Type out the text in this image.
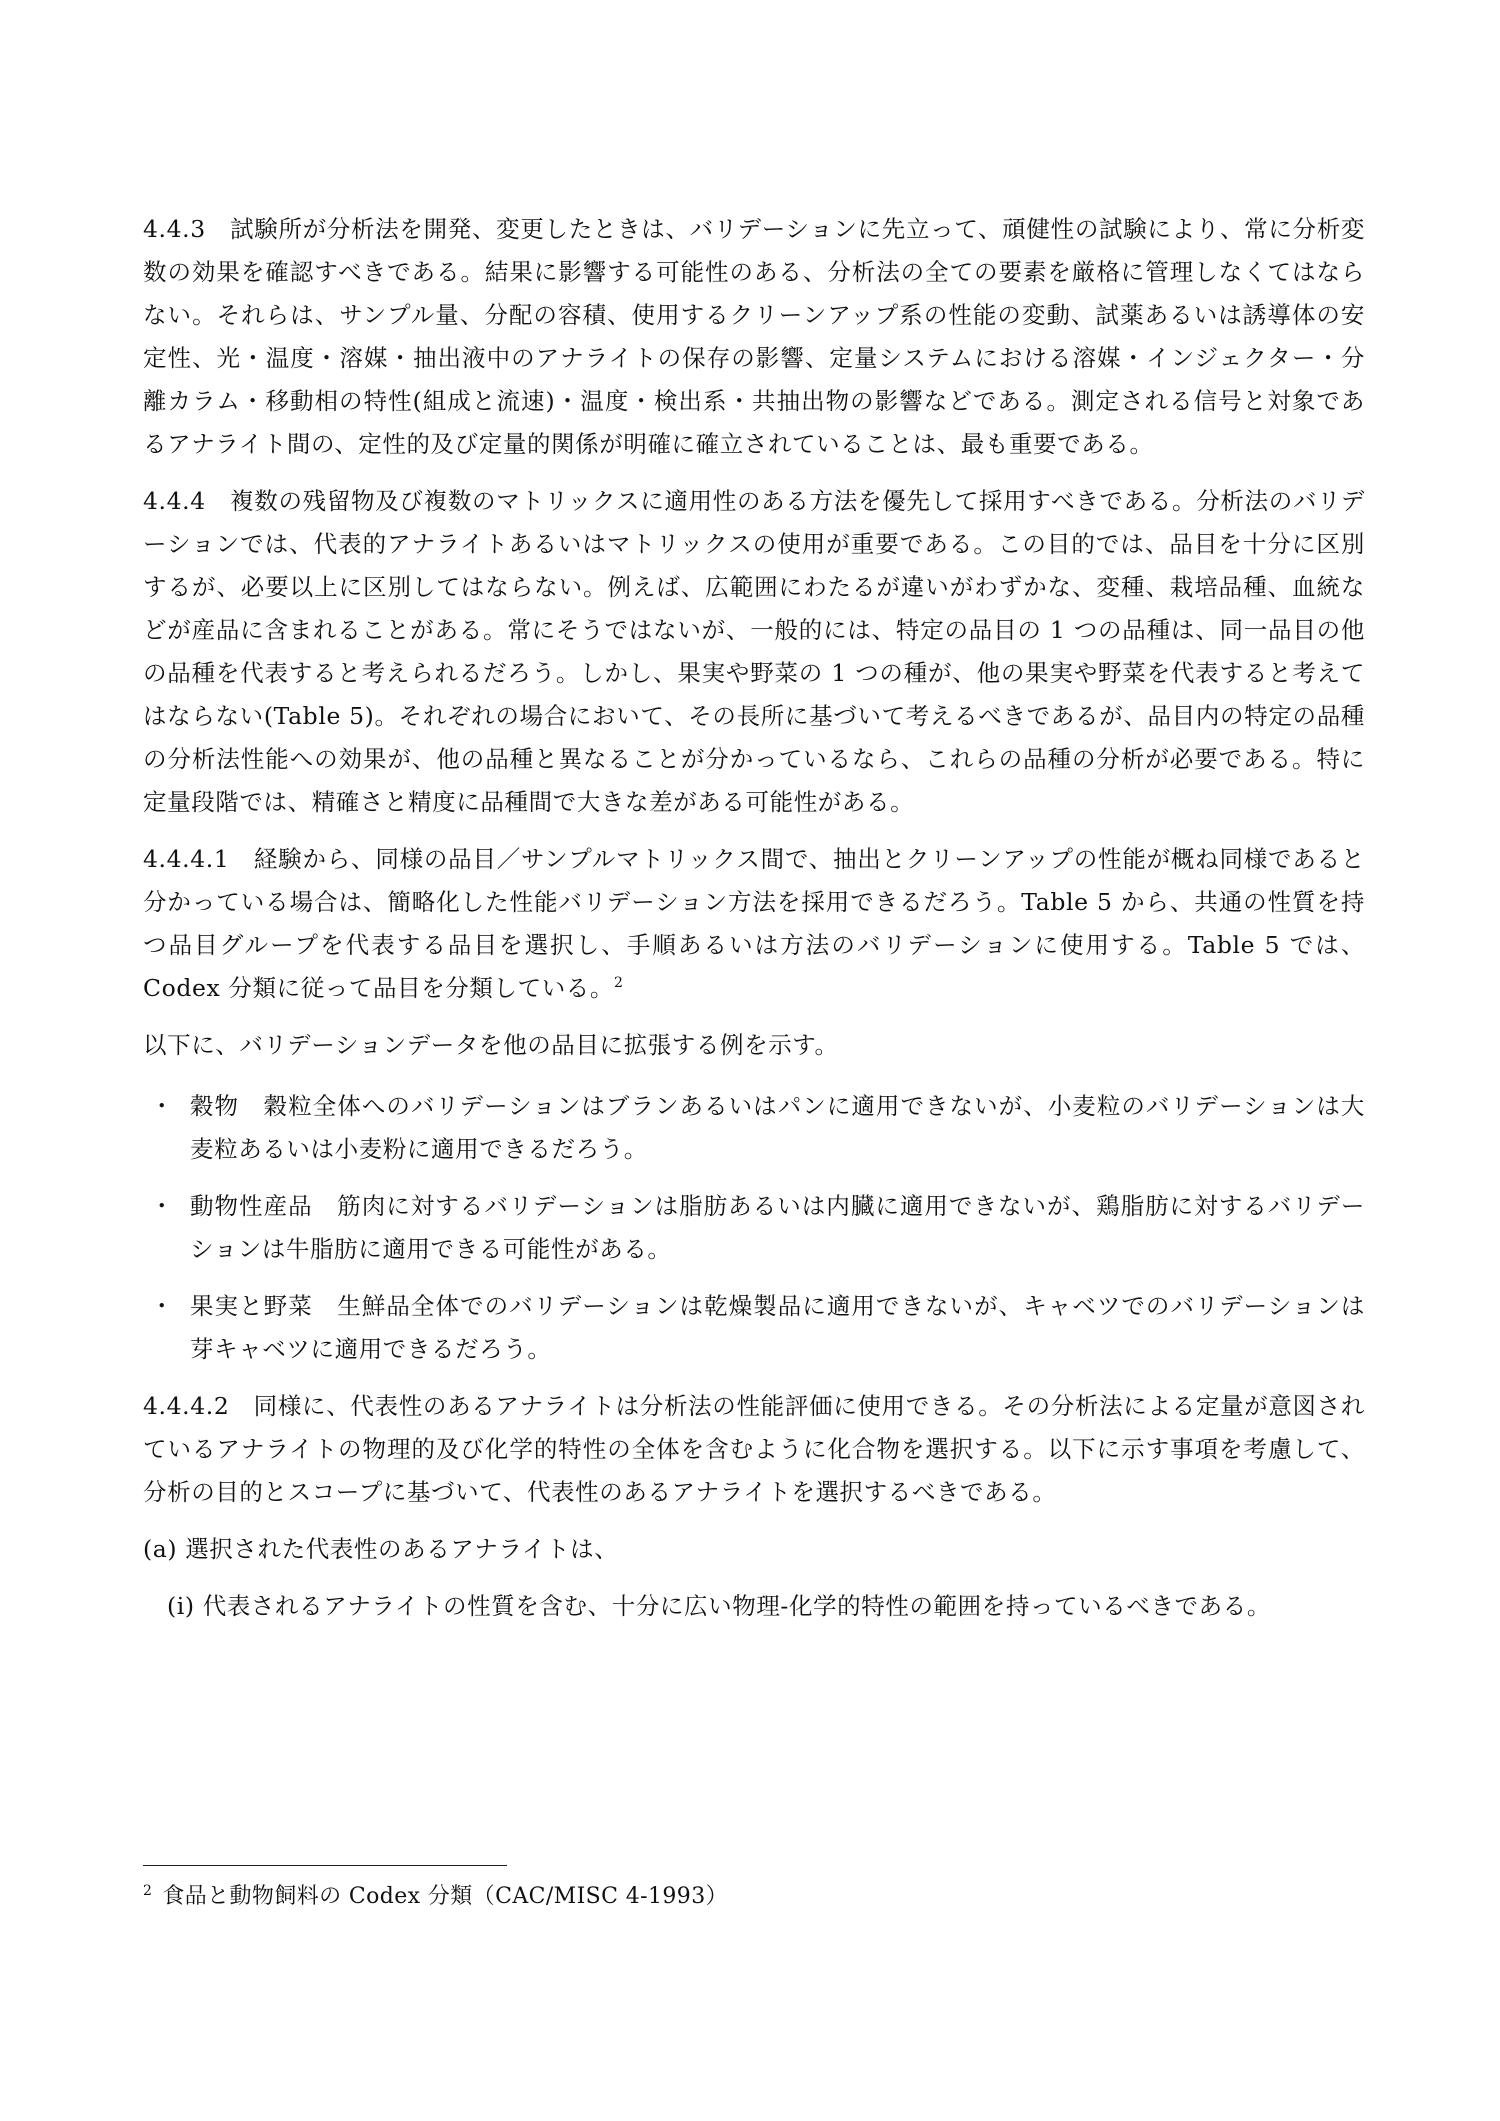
4.4.3　試験所が分析法を開発、変更したときは、バリデーションに先立って、頑健性の試験により、常に分析変数の効果を確認すべきである。結果に影響する可能性のある、分析法の全ての要素を厳格に管理しなくてはならない。それらは、サンプル量、分配の容積、使用するクリーンアップ系の性能の変動、試薬あるいは誘導体の安定性、光・温度・溶媒・抽出液中のアナライトの保存の影響、定量システムにおける溶媒・インジェクター・分離カラム・移動相の特性(組成と流速)・温度・検出系・共抽出物の影響などである。測定される信号と対象であるアナライト間の、定性的及び定量的関係が明確に確立されていることは、最も重要である。

4.4.4　複数の残留物及び複数のマトリックスに適用性のある方法を優先して採用すべきである。分析法のバリデーションでは、代表的アナライトあるいはマトリックスの使用が重要である。この目的では、品目を十分に区別するが、必要以上に区別してはならない。例えば、広範囲にわたるが違いがわずかな、変種、栽培品種、血統などが産品に含まれることがある。常にそうではないが、一般的には、特定の品目の 1 つの品種は、同一品目の他の品種を代表すると考えられるだろう。しかし、果実や野菜の 1 つの種が、他の果実や野菜を代表すると考えてはならない(Table 5)。それぞれの場合において、その長所に基づいて考えるべきであるが、品目内の特定の品種の分析法性能への効果が、他の品種と異なることが分かっているなら、これらの品種の分析が必要である。特に定量段階では、精確さと精度に品種間で大きな差がある可能性がある。

4.4.4.1　経験から、同様の品目／サンプルマトリックス間で、抽出とクリーンアップの性能が概ね同様であると分かっている場合は、簡略化した性能バリデーション方法を採用できるだろう。Table 5 から、共通の性質を持つ品目グループを代表する品目を選択し、手順あるいは方法のバリデーションに使用する。Table 5 では、Codex 分類に従って品目を分類している。$^2$

以下に、バリデーションデータを他の品目に拡張する例を示す。

・ 穀物　穀粒全体へのバリデーションはブランあるいはパンに適用できないが、小麦粒のバリデーションは大麦粒あるいは小麦粉に適用できるだろう。
・ 動物性産品　筋肉に対するバリデーションは脂肪あるいは内臓に適用できないが、鶏脂肪に対するバリデーションは牛脂肪に適用できる可能性がある。
・ 果実と野菜　生鮮品全体でのバリデーションは乾燥製品に適用できないが、キャベツでのバリデーションは芽キャベツに適用できるだろう。

4.4.4.2　同様に、代表性のあるアナライトは分析法の性能評価に使用できる。その分析法による定量が意図されているアナライトの物理的及び化学的特性の全体を含むように化合物を選択する。以下に示す事項を考慮して、分析の目的とスコープに基づいて、代表性のあるアナライトを選択するべきである。

(a) 選択された代表性のあるアナライトは、

(i) 代表されるアナライトの性質を含む、十分に広い物理-化学的特性の範囲を持っているべきである。

$^2$ 食品と動物飼料の Codex 分類（CAC/MISC 4-1993）
